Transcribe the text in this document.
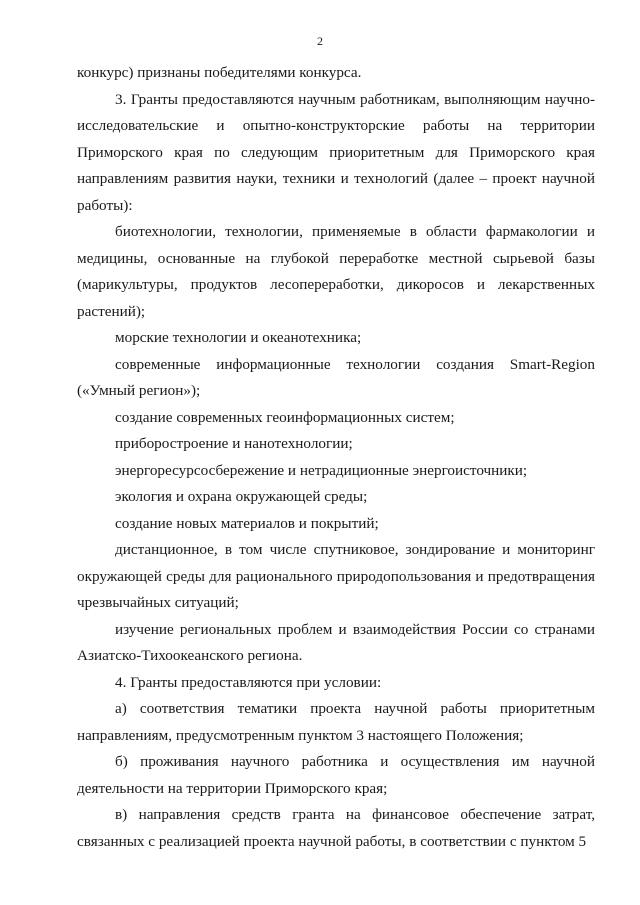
2

конкурс) признаны победителями конкурса.

3. Гранты предоставляются научным работникам, выполняющим научно-исследовательские и опытно-конструкторские работы на территории Приморского края по следующим приоритетным для Приморского края направлениям развития науки, техники и технологий (далее – проект научной работы):

биотехнологии, технологии, применяемые в области фармакологии и медицины, основанные на глубокой переработке местной сырьевой базы (марикультуры, продуктов лесопереработки, дикоросов и лекарственных растений);

морские технологии и океанотехника;

современные информационные технологии создания Smart-Region («Умный регион»);

создание современных геоинформационных систем;

приборостроение и нанотехнологии;

энергоресурсосбережение и нетрадиционные энергоисточники;

экология и охрана окружающей среды;

создание новых материалов и покрытий;

дистанционное, в том числе спутниковое, зондирование и мониторинг окружающей среды для рационального природопользования и предотвращения чрезвычайных ситуаций;

изучение региональных проблем и взаимодействия России со странами Азиатско-Тихоокеанского региона.

4. Гранты предоставляются при условии:

а) соответствия тематики проекта научной работы приоритетным направлениям, предусмотренным пунктом 3 настоящего Положения;

б) проживания научного работника и осуществления им научной деятельности на территории Приморского края;

в) направления средств гранта на финансовое обеспечение затрат, связанных с реализацией проекта научной работы, в соответствии с пунктом 5
